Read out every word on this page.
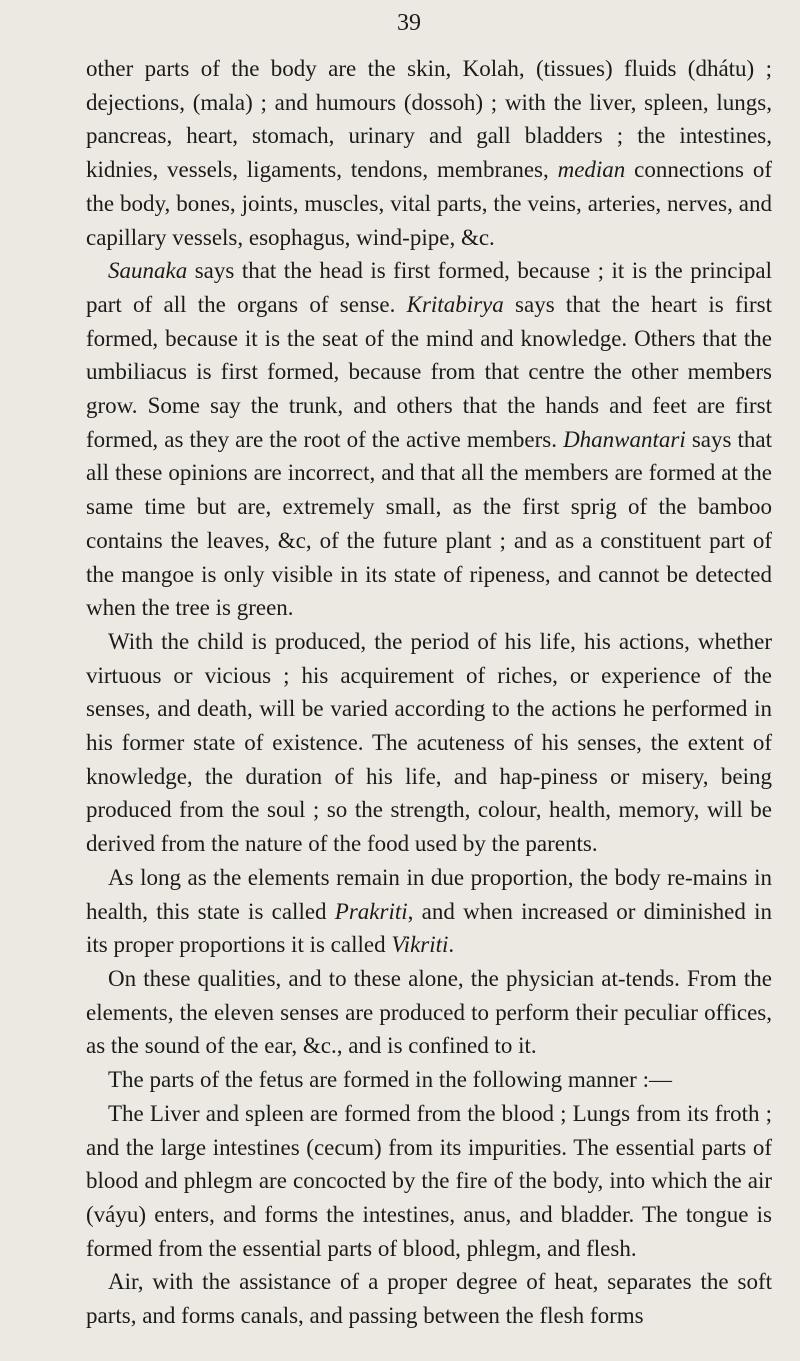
39

other parts of the body are the skin, Kolah, (tissues) fluids (dhátu) ; dejections, (mala) ; and humours (dossoh) ; with the liver, spleen, lungs, pancreas, heart, stomach, urinary and gall bladders ; the intestines, kidnies, vessels, ligaments, tendons, membranes, median connections of the body, bones, joints, muscles, vital parts, the veins, arteries, nerves, and capillary vessels, esophagus, wind-pipe, &c.

Saunaka says that the head is first formed, because ; it is the principal part of all the organs of sense. Kritabirya says that the heart is first formed, because it is the seat of the mind and knowledge. Others that the umbiliacus is first formed, because from that centre the other members grow. Some say the trunk, and others that the hands and feet are first formed, as they are the root of the active members. Dhanwantari says that all these opinions are incorrect, and that all the members are formed at the same time but are, extremely small, as the first sprig of the bamboo contains the leaves, &c, of the future plant ; and as a constituent part of the mangoe is only visible in its state of ripeness, and cannot be detected when the tree is green.

With the child is produced, the period of his life, his actions, whether virtuous or vicious ; his acquirement of riches, or experience of the senses, and death, will be varied according to the actions he performed in his former state of existence. The acuteness of his senses, the extent of knowledge, the duration of his life, and hap-piness or misery, being produced from the soul ; so the strength, colour, health, memory, will be derived from the nature of the food used by the parents.

As long as the elements remain in due proportion, the body re-mains in health, this state is called Prakriti, and when increased or diminished in its proper proportions it is called Vikriti.

On these qualities, and to these alone, the physician at-tends. From the elements, the eleven senses are produced to perform their peculiar offices, as the sound of the ear, &c., and is confined to it.

The parts of the fetus are formed in the following manner :—

The Liver and spleen are formed from the blood ; Lungs from its froth ; and the large intestines (cecum) from its impurities. The essential parts of blood and phlegm are concocted by the fire of the body, into which the air (váyu) enters, and forms the intestines, anus, and bladder. The tongue is formed from the essential parts of blood, phlegm, and flesh.

Air, with the assistance of a proper degree of heat, separates the soft parts, and forms canals, and passing between the flesh forms
